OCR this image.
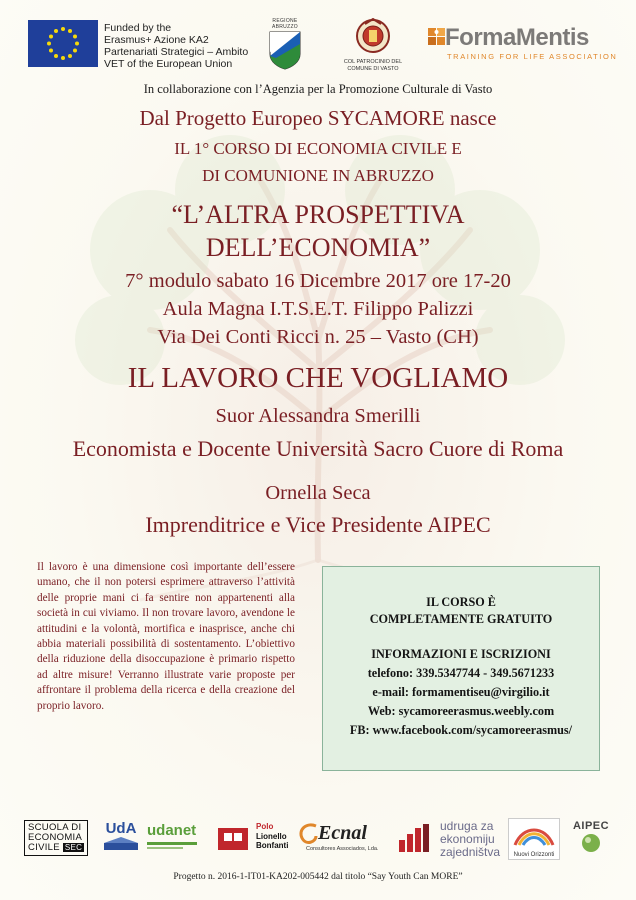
Funded by the
Erasmus+ Azione KA2
Partenariati Strategici – Ambito
VET of the European Union
REGIONE ABRUZZO
COL PATROCINIO DEL
COMUNE DI VASTO
FormaMentis
TRAINING FOR LIFE ASSOCIATION
In collaborazione con l’Agenzia per la Promozione Culturale di Vasto
Dal Progetto Europeo SYCAMORE nasce
IL 1° CORSO DI ECONOMIA CIVILE E
DI COMUNIONE IN ABRUZZO
“L’ALTRA PROSPETTIVA
DELL’ECONOMIA”
7° modulo sabato 16 Dicembre 2017 ore 17-20
Aula Magna I.T.S.E.T. Filippo Palizzi
Via Dei Conti Ricci n. 25 – Vasto (CH)
IL LAVORO CHE VOGLIAMO
Suor Alessandra Smerilli
Economista e Docente Università Sacro Cuore di Roma
Ornella Seca
Imprenditrice e Vice Presidente AIPEC
Il lavoro è una dimensione così importante dell’essere umano, che il non potersi esprimere attraverso l’attività delle proprie mani ci fa sentire non appartenenti alla società in cui viviamo. Il non trovare lavoro, avendone le attitudini e la volontà, mortifica e inasprisce, anche chi abbia materiali possibilità di sostentamento. L’obiettivo della riduzione della disoccupazione è primario rispetto ad altre misure! Verranno illustrate varie proposte per affrontare il problema della ricerca e della creazione del proprio lavoro.
IL CORSO È
COMPLETAMENTE GRATUITO
INFORMAZIONI E ISCRIZIONI
telefono: 339.5347744 - 349.5671233
e-mail: formamentiseu@virgilio.it
Web: sycamoreerasmus.weebly.com
FB: www.facebook.com/sycamoreerasmus/
SCUOLA DI
ECONOMIA
CIVILE SEC
UdA udanet	Polo
Lionello
Bonfanti
Ecnal
Consultores Associados, Lda.
udruga za
ekonomiju
zajedništva	Nuovi Orizzonti
AIPEC
Progetto n. 2016-1-IT01-KA202-005442 dal titolo “Say Youth Can MORE”
